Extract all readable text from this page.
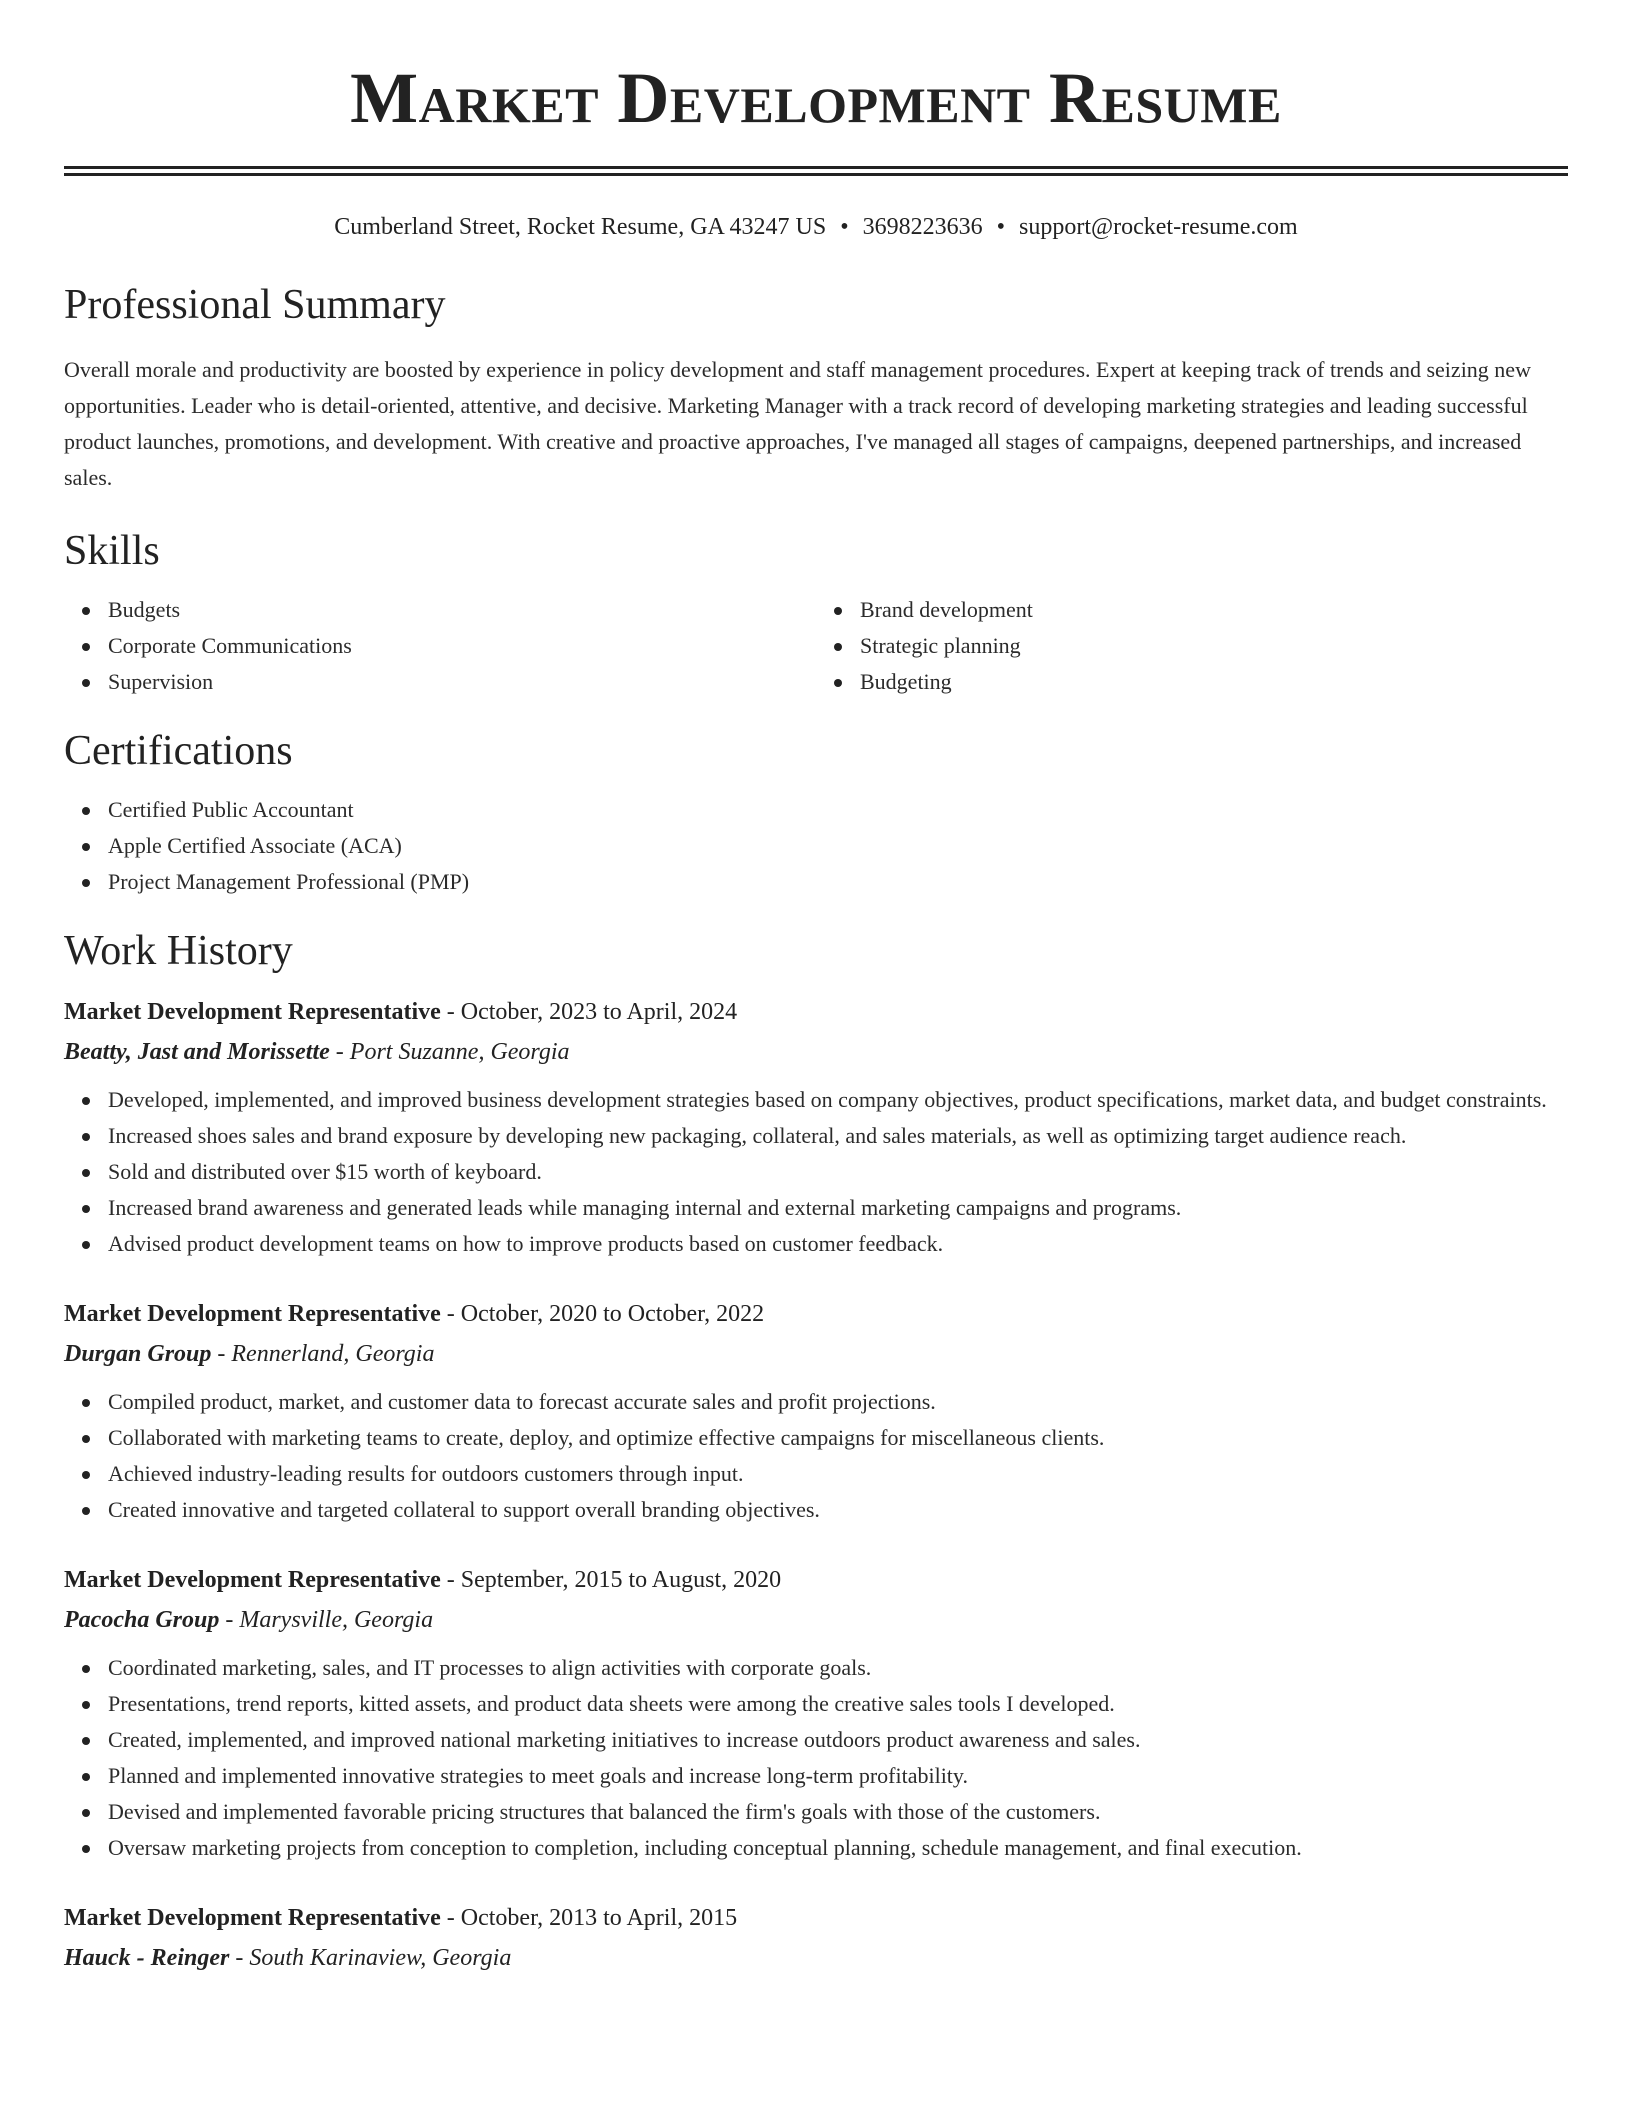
Market Development Resume
Cumberland Street, Rocket Resume, GA 43247 US • 3698223636 • support@rocket-resume.com
Professional Summary

Overall morale and productivity are boosted by experience in policy development and staff management procedures. Expert at keeping track of trends and seizing new opportunities. Leader who is detail-oriented, attentive, and decisive. Marketing Manager with a track record of developing marketing strategies and leading successful product launches, promotions, and development. With creative and proactive approaches, I've managed all stages of campaigns, deepened partnerships, and increased sales.

Skills
Budgets
Corporate Communications
Supervision
Brand development
Strategic planning
Budgeting
Certifications
Certified Public Accountant
Apple Certified Associate (ACA)
Project Management Professional (PMP)
Work History
Market Development Representative - October, 2023 to April, 2024
Beatty, Jast and Morissette - Port Suzanne, Georgia
Developed, implemented, and improved business development strategies based on company objectives, product specifications, market data, and budget constraints.
Increased shoes sales and brand exposure by developing new packaging, collateral, and sales materials, as well as optimizing target audience reach.
Sold and distributed over $15 worth of keyboard.
Increased brand awareness and generated leads while managing internal and external marketing campaigns and programs.
Advised product development teams on how to improve products based on customer feedback.
Market Development Representative - October, 2020 to October, 2022
Durgan Group - Rennerland, Georgia
Compiled product, market, and customer data to forecast accurate sales and profit projections.
Collaborated with marketing teams to create, deploy, and optimize effective campaigns for miscellaneous clients.
Achieved industry-leading results for outdoors customers through input.
Created innovative and targeted collateral to support overall branding objectives.
Market Development Representative - September, 2015 to August, 2020
Pacocha Group - Marysville, Georgia
Coordinated marketing, sales, and IT processes to align activities with corporate goals.
Presentations, trend reports, kitted assets, and product data sheets were among the creative sales tools I developed.
Created, implemented, and improved national marketing initiatives to increase outdoors product awareness and sales.
Planned and implemented innovative strategies to meet goals and increase long-term profitability.
Devised and implemented favorable pricing structures that balanced the firm's goals with those of the customers.
Oversaw marketing projects from conception to completion, including conceptual planning, schedule management, and final execution.
Market Development Representative - October, 2013 to April, 2015
Hauck - Reinger - South Karinaview, Georgia
